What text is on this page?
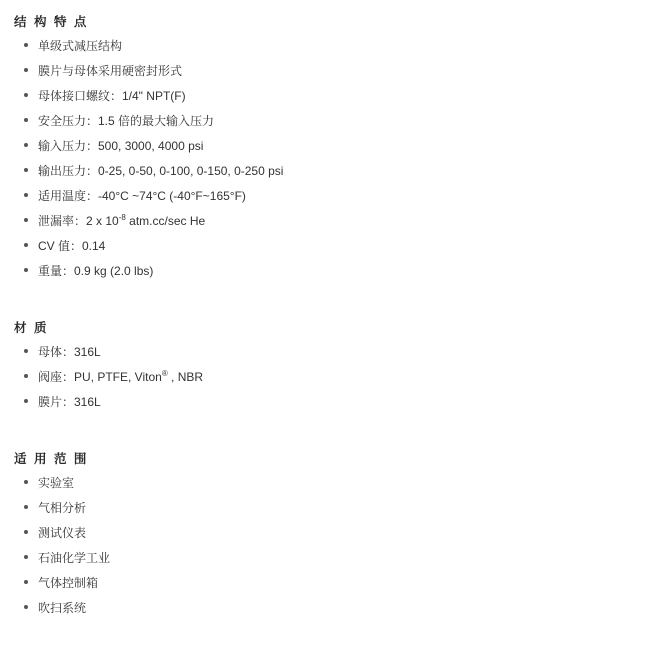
结 构 特 点
单级式减压结构
膜片与母体采用硬密封形式
母体接口螺纹：1/4" NPT(F)
安全压力：1.5 倍的最大输入压力
输入压力：500, 3000, 4000 psi
输出压力：0-25, 0-50, 0-100, 0-150, 0-250 psi
适用温度：-40°C ~74°C (-40°F~165°F)
泄漏率：2 x $10^{-8}$ atm.cc/sec He
CV 值：0.14
重量：0.9 kg (2.0 lbs)
材 质
母体：316L
阀座：PU, PTFE, Viton® , NBR
膜片：316L
适 用 范 围
实验室
气相分析
测试仪表
石油化学工业
气体控制箱
吹扫系统
